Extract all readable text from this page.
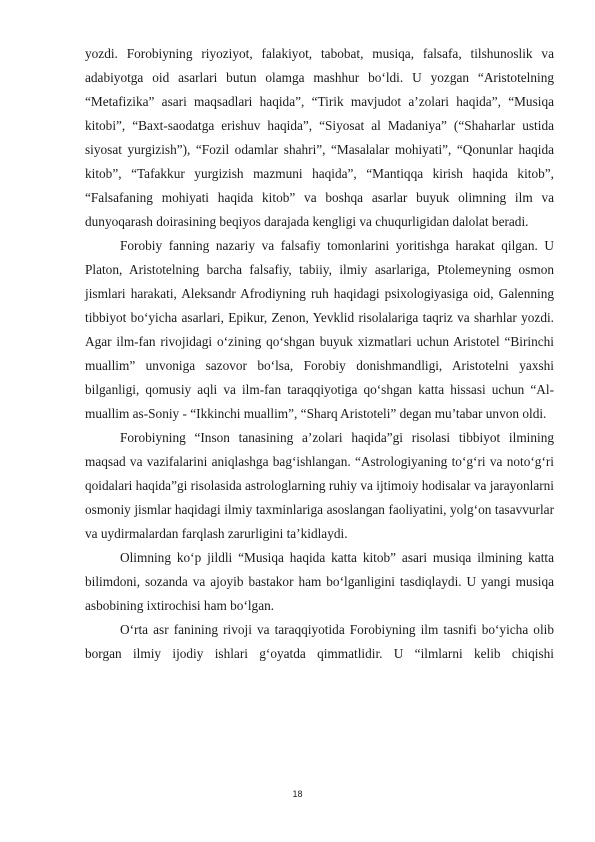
yozdi. Forobiyning riyoziyot, falakiyot, tabobat, musiqa, falsafa, tilshunoslik va adabiyotga oid asarlari butun olamga mashhur bo‘ldi. U yozgan “Aristotelning “Metafizika” asari maqsadlari haqida”, “Tirik mavjudot a’zolari haqida”, “Musiqa kitobi”, “Baxt-saodatga erishuv haqida”, “Siyosat al Madaniya” (“Shaharlar ustida siyosat yurgizish”), “Fozil odamlar shahri”, “Masalalar mohiyati”, “Qonunlar haqida kitob”, “Tafakkur yurgizish mazmuni haqida”, “Mantiqqa kirish haqida kitob”, “Falsafaning mohiyati haqida kitob” va boshqa asarlar buyuk olimning ilm va dunyoqarash doirasining beqiyos darajada kengligi va chuqurligidan dalolat beradi.

Forobiy fanning nazariy va falsafiy tomonlarini yoritishga harakat qilgan. U Platon, Aristotelning barcha falsafiy, tabiiy, ilmiy asarlariga, Ptolemeyning osmon jismlari harakati, Aleksandr Afrodiyning ruh haqidagi psixologiyasiga oid, Galenning tibbiyot bo‘yicha asarlari, Epikur, Zenon, Yevklid risolalariga taqriz va sharhlar yozdi. Agar ilm-fan rivojidagi o‘zining qo‘shgan buyuk xizmatlari uchun Aristotel “Birinchi muallim” unvoniga sazovor bo‘lsa, Forobiy donishmandligi, Aristotelni yaxshi bilganligi, qomusiy aqli va ilm-fan taraqqiyotiga qo‘shgan katta hissasi uchun “Al-muallim as-Soniy - “Ikkinchi muallim”, “Sharq Aristoteli” degan mu’tabar unvon oldi.

Forobiyning “Inson tanasining a’zolari haqida”gi risolasi tibbiyot ilmining maqsad va vazifalarini aniqlashga bag‘ishlangan. “Astrologiyaning to‘g‘ri va noto‘g‘ri qoidalari haqida”gi risolasida astrologlarning ruhiy va ijtimoiy hodisalar va jarayonlarni osmoniy jismlar haqidagi ilmiy taxminlariga asoslangan faoliyatini, yolg‘on tasavvurlar va uydirmalardan farqlash zarurligini ta’kidlaydi.

Olimning ko‘p jildli “Musiqa haqida katta kitob” asari musiqa ilmining katta bilimdoni, sozanda va ajoyib bastakor ham bo‘lganligini tasdiqlaydi. U yangi musiqa asbobining ixtirochisi ham bo‘lgan.

O‘rta asr fanining rivoji va taraqqiyotida Forobiyning ilm tasnifi bo‘yicha olib borgan ilmiy ijodiy ishlari g‘oyatda qimmatlidir. U “ilmlarni kelib chiqishi

18
